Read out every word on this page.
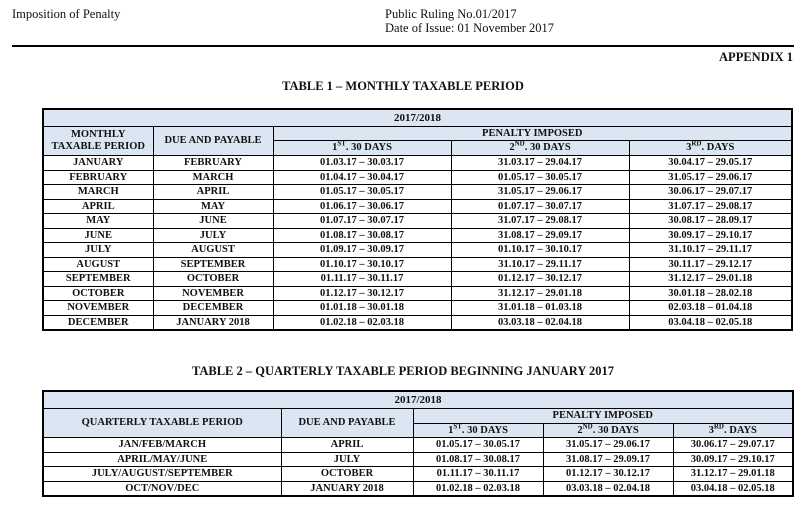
Imposition of Penalty	Public Ruling No.01/2017
Date of Issue: 01 November 2017
APPENDIX 1
TABLE 1 – MONTHLY TAXABLE PERIOD
2017/2018				
MONTHLY TAXABLE PERIOD	DUE AND PAYABLE	PENALTY IMPOSED		
		1ST. 30 DAYS	2ND. 30 DAYS	3RD. DAYS
JANUARY	FEBRUARY	01.03.17 – 30.03.17	31.03.17 – 29.04.17	30.04.17 – 29.05.17
FEBRUARY	MARCH	01.04.17 – 30.04.17	01.05.17 – 30.05.17	31.05.17 – 29.06.17
MARCH	APRIL	01.05.17 – 30.05.17	31.05.17 – 29.06.17	30.06.17 – 29.07.17
APRIL	MAY	01.06.17 – 30.06.17	01.07.17 – 30.07.17	31.07.17 – 29.08.17
MAY	JUNE	01.07.17 – 30.07.17	31.07.17 – 29.08.17	30.08.17 – 28.09.17
JUNE	JULY	01.08.17 – 30.08.17	31.08.17 – 29.09.17	30.09.17 – 29.10.17
JULY	AUGUST	01.09.17 – 30.09.17	01.10.17 – 30.10.17	31.10.17 – 29.11.17
AUGUST	SEPTEMBER	01.10.17 – 30.10.17	31.10.17 – 29.11.17	30.11.17 – 29.12.17
SEPTEMBER	OCTOBER	01.11.17 – 30.11.17	01.12.17 – 30.12.17	31.12.17 – 29.01.18
OCTOBER	NOVEMBER	01.12.17 – 30.12.17	31.12.17 – 29.01.18	30.01.18 – 28.02.18
NOVEMBER	DECEMBER	01.01.18 – 30.01.18	31.01.18 – 01.03.18	02.03.18 – 01.04.18
DECEMBER	JANUARY 2018	01.02.18 – 02.03.18	03.03.18 – 02.04.18	03.04.18 – 02.05.18
TABLE 2 – QUARTERLY TAXABLE PERIOD BEGINNING JANUARY 2017
2017/2018				
QUARTERLY TAXABLE PERIOD	DUE AND PAYABLE	PENALTY IMPOSED		
		1ST. 30 DAYS	2ND. 30 DAYS	3RD. DAYS
JAN/FEB/MARCH	APRIL	01.05.17 – 30.05.17	31.05.17 – 29.06.17	30.06.17 – 29.07.17
APRIL/MAY/JUNE	JULY	01.08.17 – 30.08.17	31.08.17 – 29.09.17	30.09.17 – 29.10.17
JULY/AUGUST/SEPTEMBER	OCTOBER	01.11.17 – 30.11.17	01.12.17 – 30.12.17	31.12.17 – 29.01.18
OCT/NOV/DEC	JANUARY 2018	01.02.18 – 02.03.18	03.03.18 – 02.04.18	03.04.18 – 02.05.18
